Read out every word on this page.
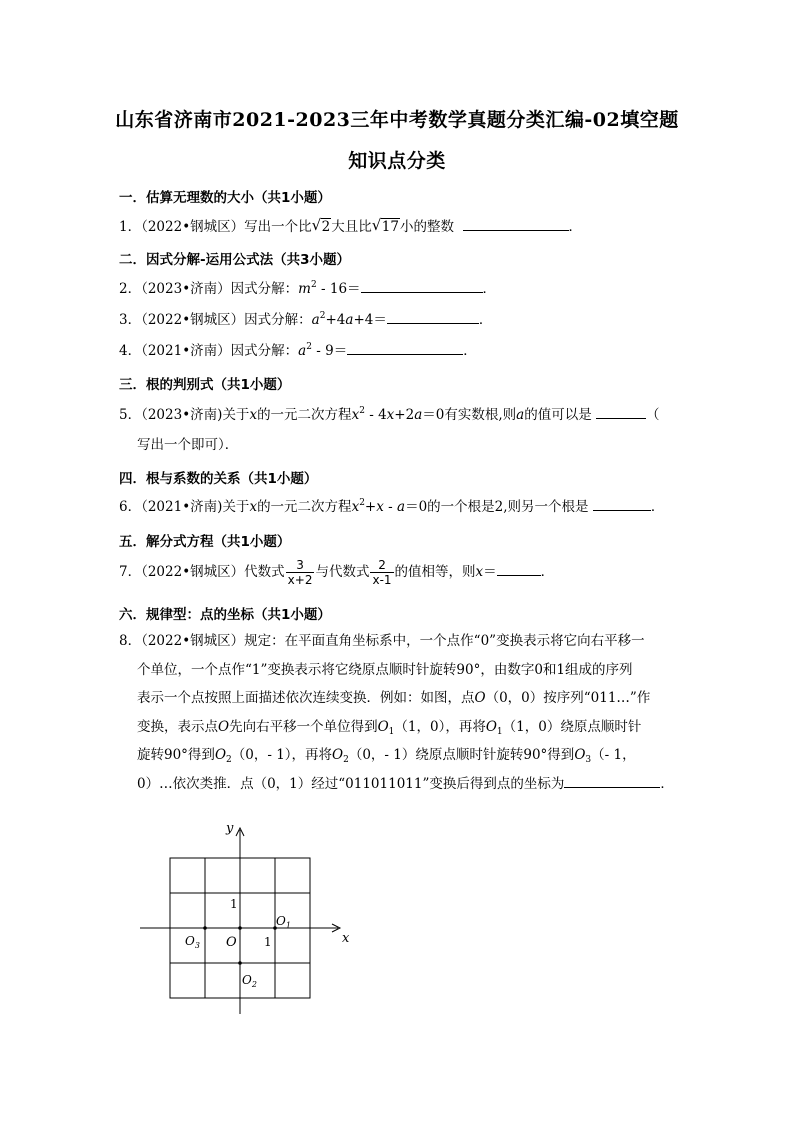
山东省济南市2021-2023三年中考数学真题分类汇编-02填空题
知识点分类
一．估算无理数的大小（共1小题）
1．（2022•钢城区）写出一个比 √ 2大且比 √ 17小的整数	．
二．因式分解-运用公式法（共3小题）
2．（2023•济南）因式分解：$m^2 - 16=$	．
3．（2022•钢城区）因式分解：$a^2+4a+4=$	．
4．（2021•济南）因式分解：$a^2 - 9=$	．
三．根的判别式（共1小题）
5．（2023•济南)关于x的一元二次方程$x^2 - 4x+2a=0$有实数根,则a的值可以是	（
写出一个即可）．
四．根与系数的关系（共1小题）
6．（2021•济南)关于x的一元二次方程$x^2+x - a=0$的一个根是2,则另一个根是	．
五．解分式方程（共1小题）
7．（2022•钢城区）代数式 $\frac{3}{x+2}$ 与代数式 $\frac{2}{x-1}$ 的值相等，则x＝	．
六．规律型：点的坐标（共1小题）
8．（2022•钢城区）规定：在平面直角坐标系中，一个点作“0”变换表示将它向右平移一
个单位，一个点作“1”变换表示将它绕原点顺时针旋转90°，由数字0和1组成的序列
表示一个点按照上面描述依次连续变换．例如：如图，点O（0，0）按序列“011…”作
变换，表示点O先向右平移一个单位得到$O_1(1$，0），再将$O_1(1$，0）绕原点顺时针
旋转90°得到$O_2(0$，- 1），再将$O_2(0$，- 1）绕原点顺时针旋转90°得到$O_3(-$ 1，
0）…依次类推．点（0，1）经过“011011011”变换后得到点的坐标为	．
y
x
O 1
1
$O_1$
$O_2$
$O_3$
